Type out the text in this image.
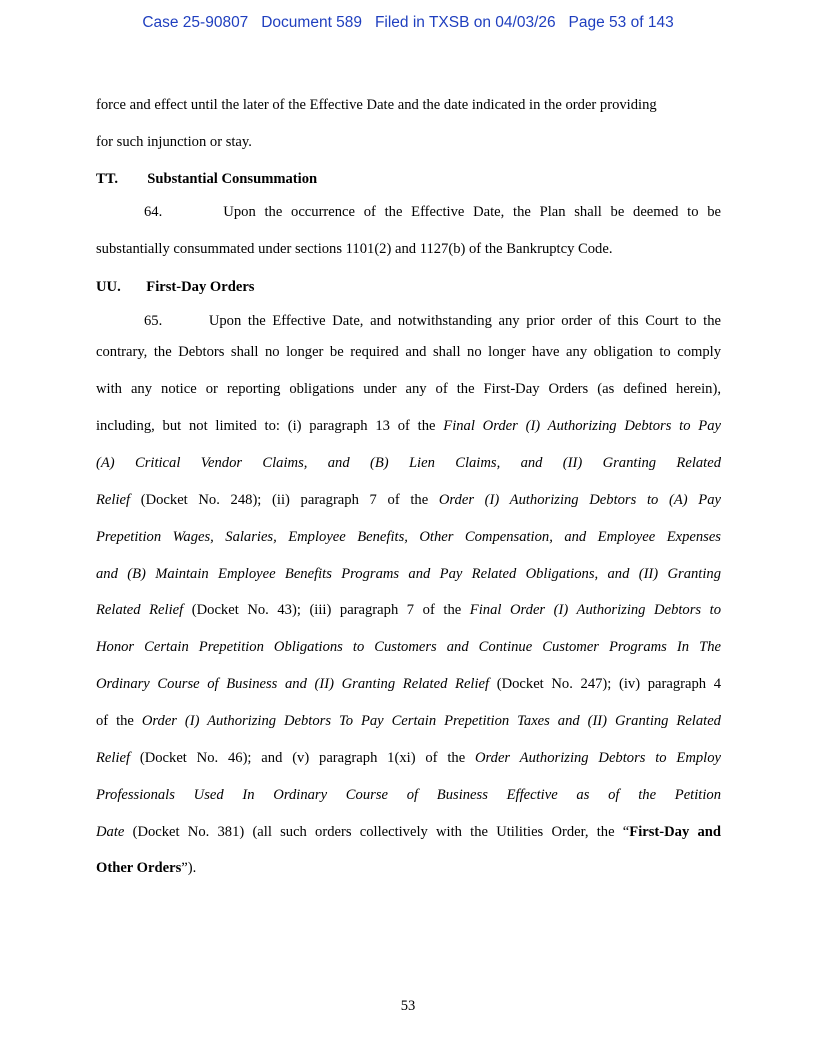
Case 25-90807   Document 589   Filed in TXSB on 04/03/26   Page 53 of 143
force and effect until the later of the Effective Date and the date indicated in the order providing
for such injunction or stay.
TT.        Substantial Consummation
64.       Upon the occurrence of the Effective Date, the Plan shall be deemed to be
substantially consummated under sections 1101(2) and 1127(b) of the Bankruptcy Code.
UU.       First-Day Orders
65.       Upon the Effective Date, and notwithstanding any prior order of this Court to the
contrary, the Debtors shall no longer be required and shall no longer have any obligation to comply
with any notice or reporting obligations under any of the First-Day Orders (as defined herein),
including, but not limited to: (i) paragraph 13 of the Final Order (I) Authorizing Debtors to Pay
(A) Critical Vendor Claims, and (B) Lien Claims, and (II) Granting Related
Relief (Docket No. 248); (ii) paragraph 7 of the Order (I) Authorizing Debtors to (A) Pay
Prepetition Wages, Salaries, Employee Benefits, Other Compensation, and Employee Expenses
and (B) Maintain Employee Benefits Programs and Pay Related Obligations, and (II) Granting
Related Relief (Docket No. 43); (iii) paragraph 7 of the Final Order (I) Authorizing Debtors to
Honor Certain Prepetition Obligations to Customers and Continue Customer Programs In The
Ordinary Course of Business and (II) Granting Related Relief (Docket No. 247); (iv) paragraph 4
of the Order (I) Authorizing Debtors To Pay Certain Prepetition Taxes and (II) Granting Related
Relief (Docket No. 46); and (v) paragraph 1(xi) of the Order Authorizing Debtors to Employ
Professionals Used In Ordinary Course of Business Effective as of the Petition
Date (Docket No. 381) (all such orders collectively with the Utilities Order, the “First-Day and
Other Orders”).
53
